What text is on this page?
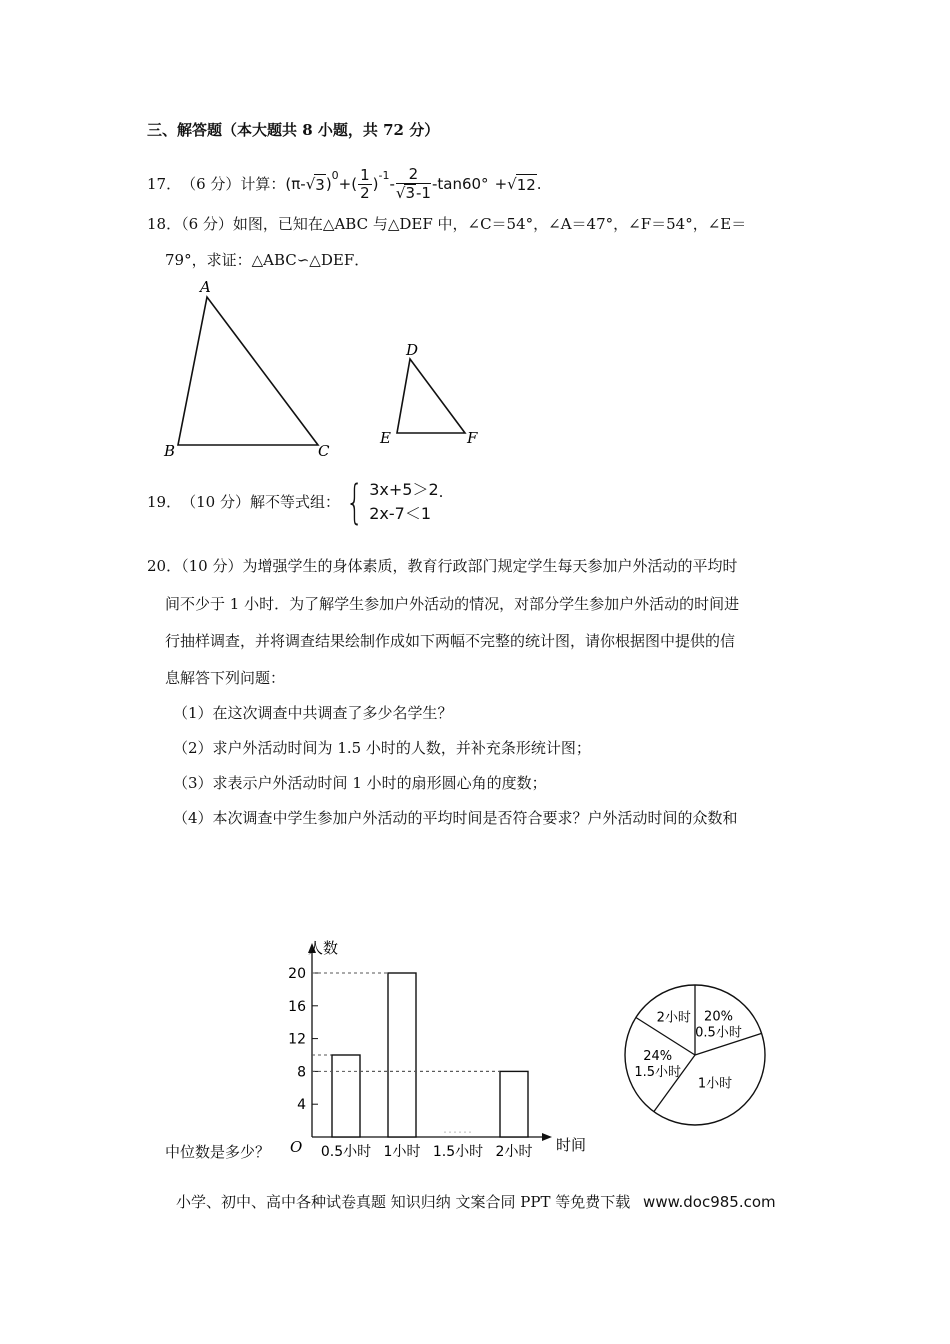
三、解答题（本大题共 8 小题，共 72 分）
17． （6 分）计算： (π- √ 3 )$^0$ +( $\frac{1}{2} )^{-1} - \frac{2}{√3-1} -\tan 60^\circ$ + √ 12 .
18．（6 分）如图，已知在△ABC 与△DEF 中，∠C＝54°，∠A＝47°，∠F＝54°，∠E＝
79°，求证：△ABC∽△DEF．
A
B	C
D
E	F
19． （10 分）解不等式组： { 3x+5＞2
2x-7＜1
.
20．（10 分）为增强学生的身体素质，教育行政部门规定学生每天参加户外活动的平均时
间不少于 1 小时．为了解学生参加户外活动的情况，对部分学生参加户外活动的时间进
行抽样调查，并将调查结果绘制作成如下两幅不完整的统计图，请你根据图中提供的信
息解答下列问题：
（1）在这次调查中共调查了多少名学生？
（2）求户外活动时间为 1.5 小时的人数，并补充条形统计图；
（3）求表示户外活动时间 1 小时的扇形圆心角的度数；
（4）本次调查中学生参加户外活动的平均时间是否符合要求？户外活动时间的众数和
中位数是多少？
人数
时间
O
4
8
12
16
20
0.5小时 1小时 1.5小时 2小时
20%
0.5小时
1小时
24%
1.5小时
2小时
小学、初中、高中各种试卷真题 知识归纳 文案合同 PPT 等免费下载 www.doc985.com
